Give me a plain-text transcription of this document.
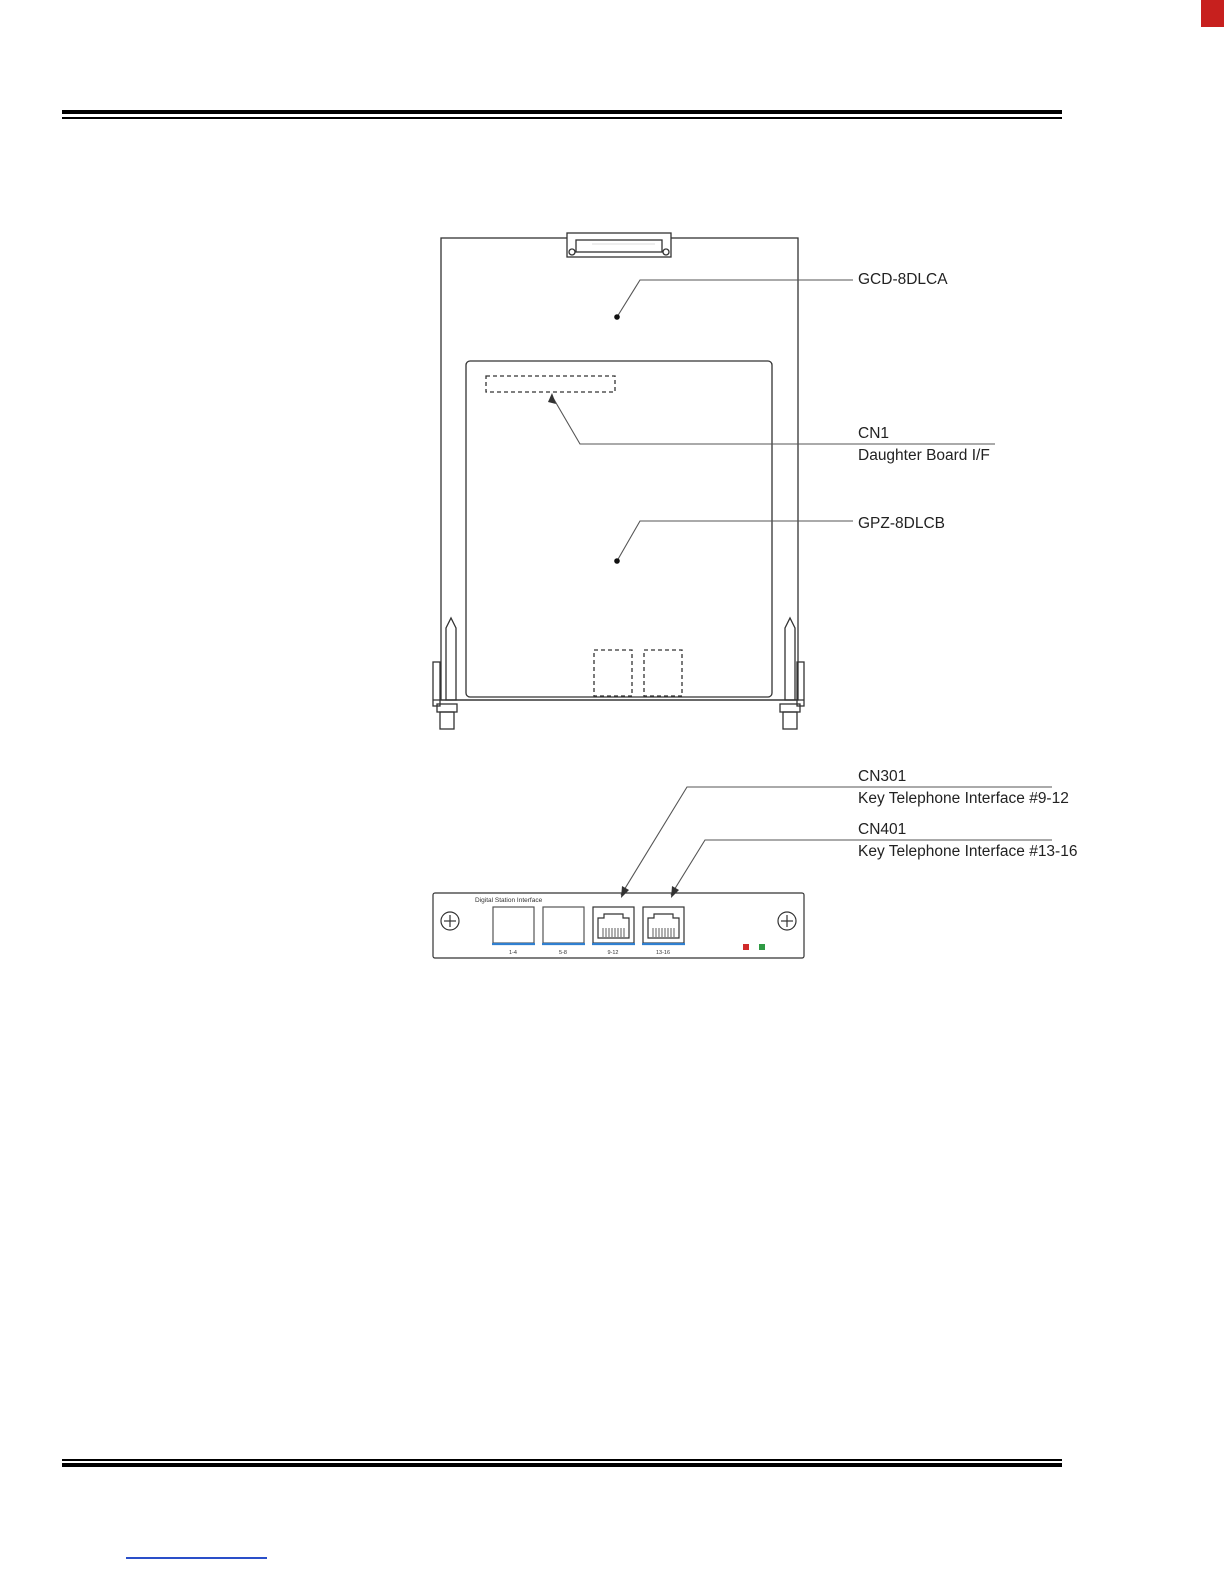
Digital Station Interface
1-4	5-8	9-12	13-16
GCD-8DLCA
CN1
Daughter Board I/F
GPZ-8DLCB
CN301
Key Telephone Interface #9-12
CN401
Key Telephone Interface #13-16
